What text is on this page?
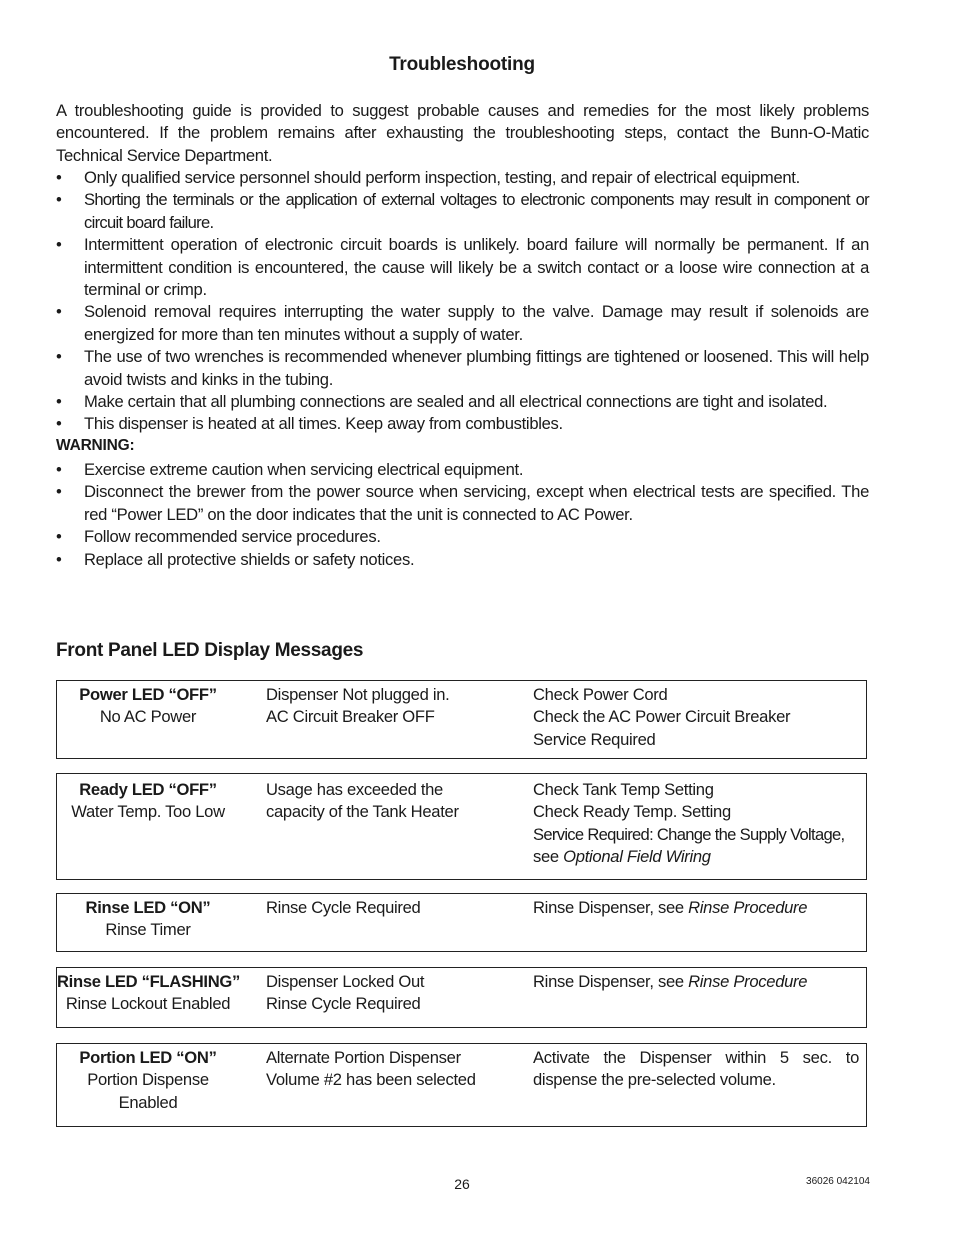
Troubleshooting
A troubleshooting guide is provided to suggest probable causes and remedies for the most likely problems encountered. If the problem remains after exhausting the troubleshooting steps, contact the Bunn-O-Matic Technical Service Department.
• Only qualified service personnel should perform inspection, testing, and repair of electrical equipment.
• Shorting the terminals or the application of external voltages to electronic components may result in component or circuit board failure.
• Intermittent operation of electronic circuit boards is unlikely. board failure will normally be permanent. If an intermittent condition is encountered, the cause will likely be a switch contact or a loose wire connection at a terminal or crimp.
• Solenoid removal requires interrupting the water supply to the valve. Damage may result if solenoids are energized for more than ten minutes without a supply of water.
• The use of two wrenches is recommended whenever plumbing fittings are tightened or loosened. This will help avoid twists and kinks in the tubing.
• Make certain that all plumbing connections are sealed and all electrical connections are tight and isolated.
• This dispenser is heated at all times. Keep away from combustibles.
WARNING:
• Exercise extreme caution when servicing electrical equipment.
• Disconnect the brewer from the power source when servicing, except when electrical tests are specified. The red “Power LED” on the door indicates that the unit is connected to AC Power.
• Follow recommended service procedures.
• Replace all protective shields or safety notices.
Front Panel LED Display Messages
Power LED “OFF”
No AC Power
Dispenser Not plugged in.
AC Circuit Breaker OFF
Check Power Cord
Check the AC Power Circuit Breaker
Service Required
Ready LED “OFF”
Water Temp. Too Low
Usage has exceeded the
capacity of the Tank Heater
Check Tank Temp Setting
Check Ready Temp. Setting
Service Required: Change the Supply Voltage,
see Optional Field Wiring
Rinse LED “ON”
Rinse Timer
Rinse Cycle Required	Rinse Dispenser, see Rinse Procedure
Rinse LED “FLASHING”
Rinse Lockout Enabled
Dispenser Locked Out
Rinse Cycle Required
Rinse Dispenser, see Rinse Procedure
Portion LED “ON”
Portion Dispense
Enabled
Alternate Portion Dispenser
Volume #2 has been selected
Activate the Dispenser within 5 sec. to
dispense the pre-selected volume.
26	36026 042104
